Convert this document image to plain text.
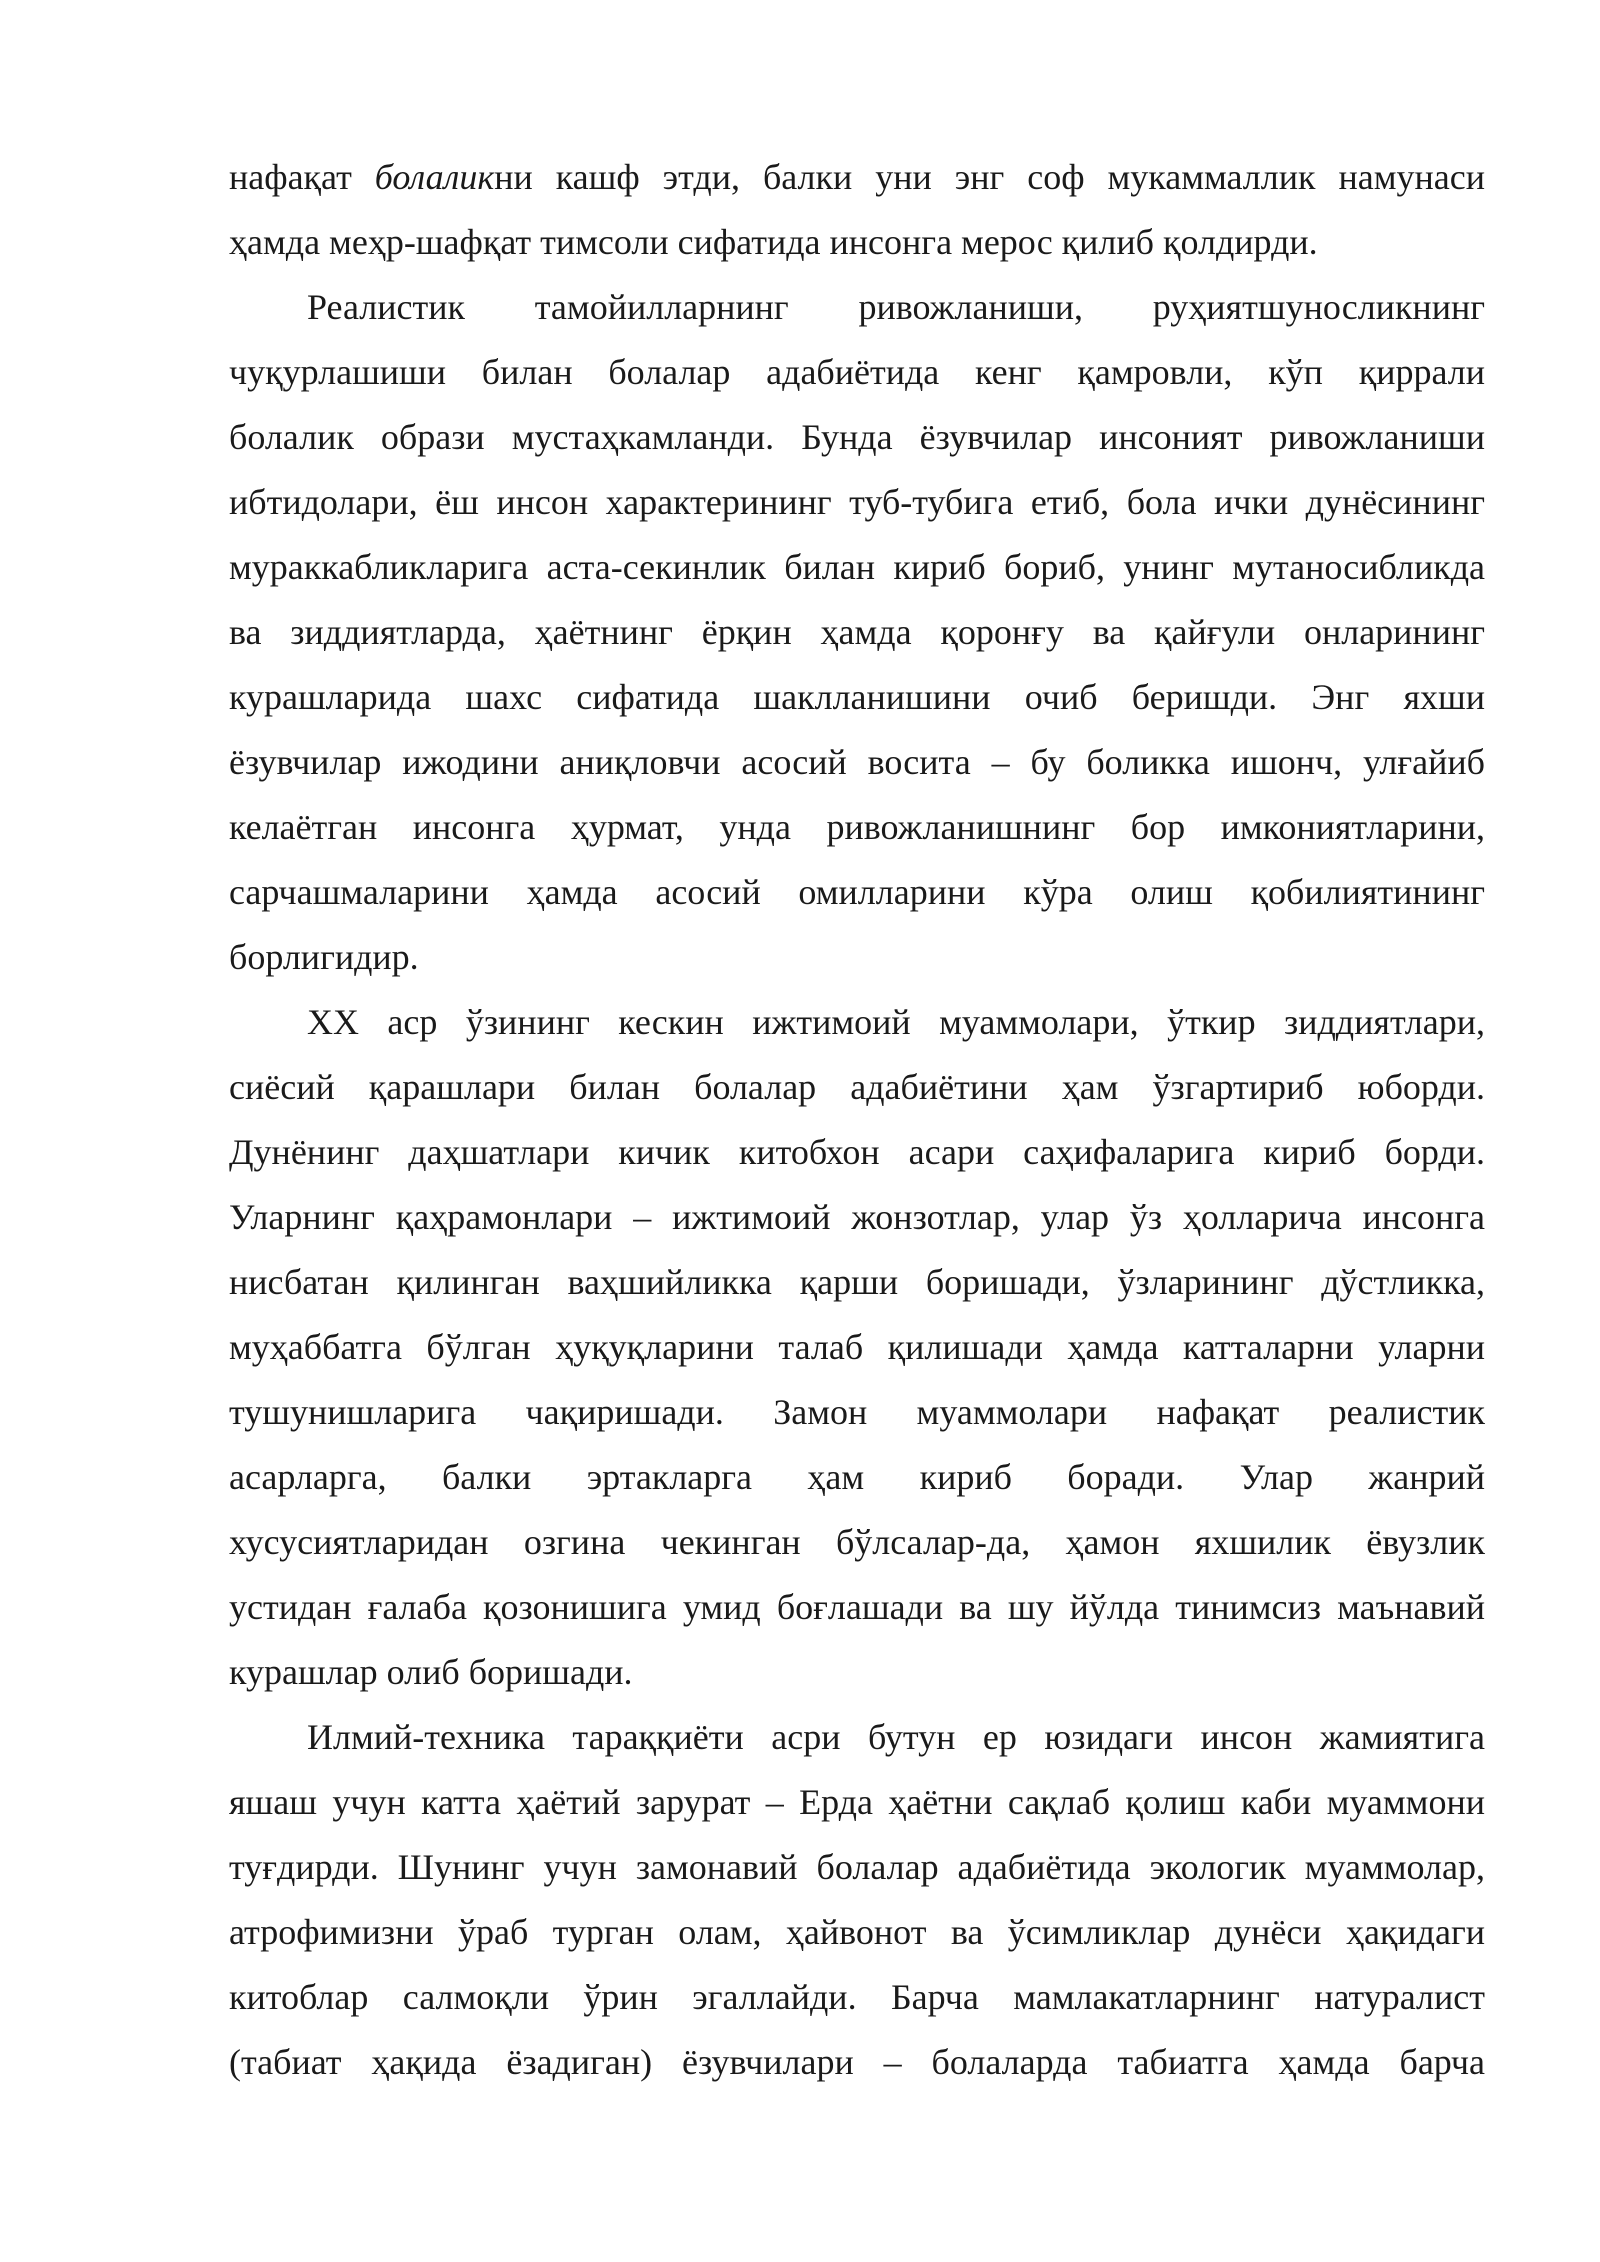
нафақат болаликни кашф этди, балки уни энг соф мукаммаллик намунаси
ҳамда меҳр-шафқат тимсоли сифатида инсонга мерос қилиб қолдирди.
Реалистик тамойилларнинг ривожланиши, руҳиятшуносликнинг
чуқурлашиши билан болалар адабиётида кенг қамровли, кўп қиррали
болалик образи мустаҳкамланди. Бунда ёзувчилар инсоният ривожланиши
ибтидолари, ёш инсон характерининг туб-тубига етиб, бола ички дунёсининг
мураккабликларига аста-секинлик билан кириб бориб, унинг мутаносибликда
ва зиддиятларда, ҳаётнинг ёрқин ҳамда қоронғу ва қайғули онларининг
курашларида шахс сифатида шаклланишини очиб беришди. Энг яхши
ёзувчилар ижодини аниқловчи асосий восита – бу боликка ишонч, улғайиб
келаётган инсонга ҳурмат, унда ривожланишнинг бор имкониятларини,
сарчашмаларини ҳамда асосий омилларини кўра олиш қобилиятининг
борлигидир.
XX аср ўзининг кескин ижтимоий муаммолари, ўткир зиддиятлари,
сиёсий қарашлари билан болалар адабиётини ҳам ўзгартириб юборди.
Дунёнинг даҳшатлари кичик китобхон асари саҳифаларига кириб борди.
Уларнинг қаҳрамонлари – ижтимоий жонзотлар, улар ўз ҳолларича инсонга
нисбатан қилинган ваҳшийликка қарши боришади, ўзларининг дўстликка,
муҳаббатга бўлган ҳуқуқларини талаб қилишади ҳамда катталарни уларни
тушунишларига чақиришади. Замон муаммолари нафақат реалистик
асарларга, балки эртакларга ҳам кириб боради. Улар жанрий
хусусиятларидан озгина чекинган бўлсалар-да, ҳамон яхшилик ёвузлик
устидан ғалаба қозонишига умид боғлашади ва шу йўлда тинимсиз маънавий
курашлар олиб боришади.
Илмий-техника тараққиёти асри бутун ер юзидаги инсон жамиятига
яшаш учун катта ҳаётий зарурат – Ерда ҳаётни сақлаб қолиш каби муаммони
туғдирди. Шунинг учун замонавий болалар адабиётида экологик муаммолар,
атрофимизни ўраб турган олам, ҳайвонот ва ўсимликлар дунёси ҳақидаги
китоблар салмоқли ўрин эгаллайди. Барча мамлакатларнинг натуралист
(табиат ҳақида ёзадиган) ёзувчилари – болаларда табиатга ҳамда барча
